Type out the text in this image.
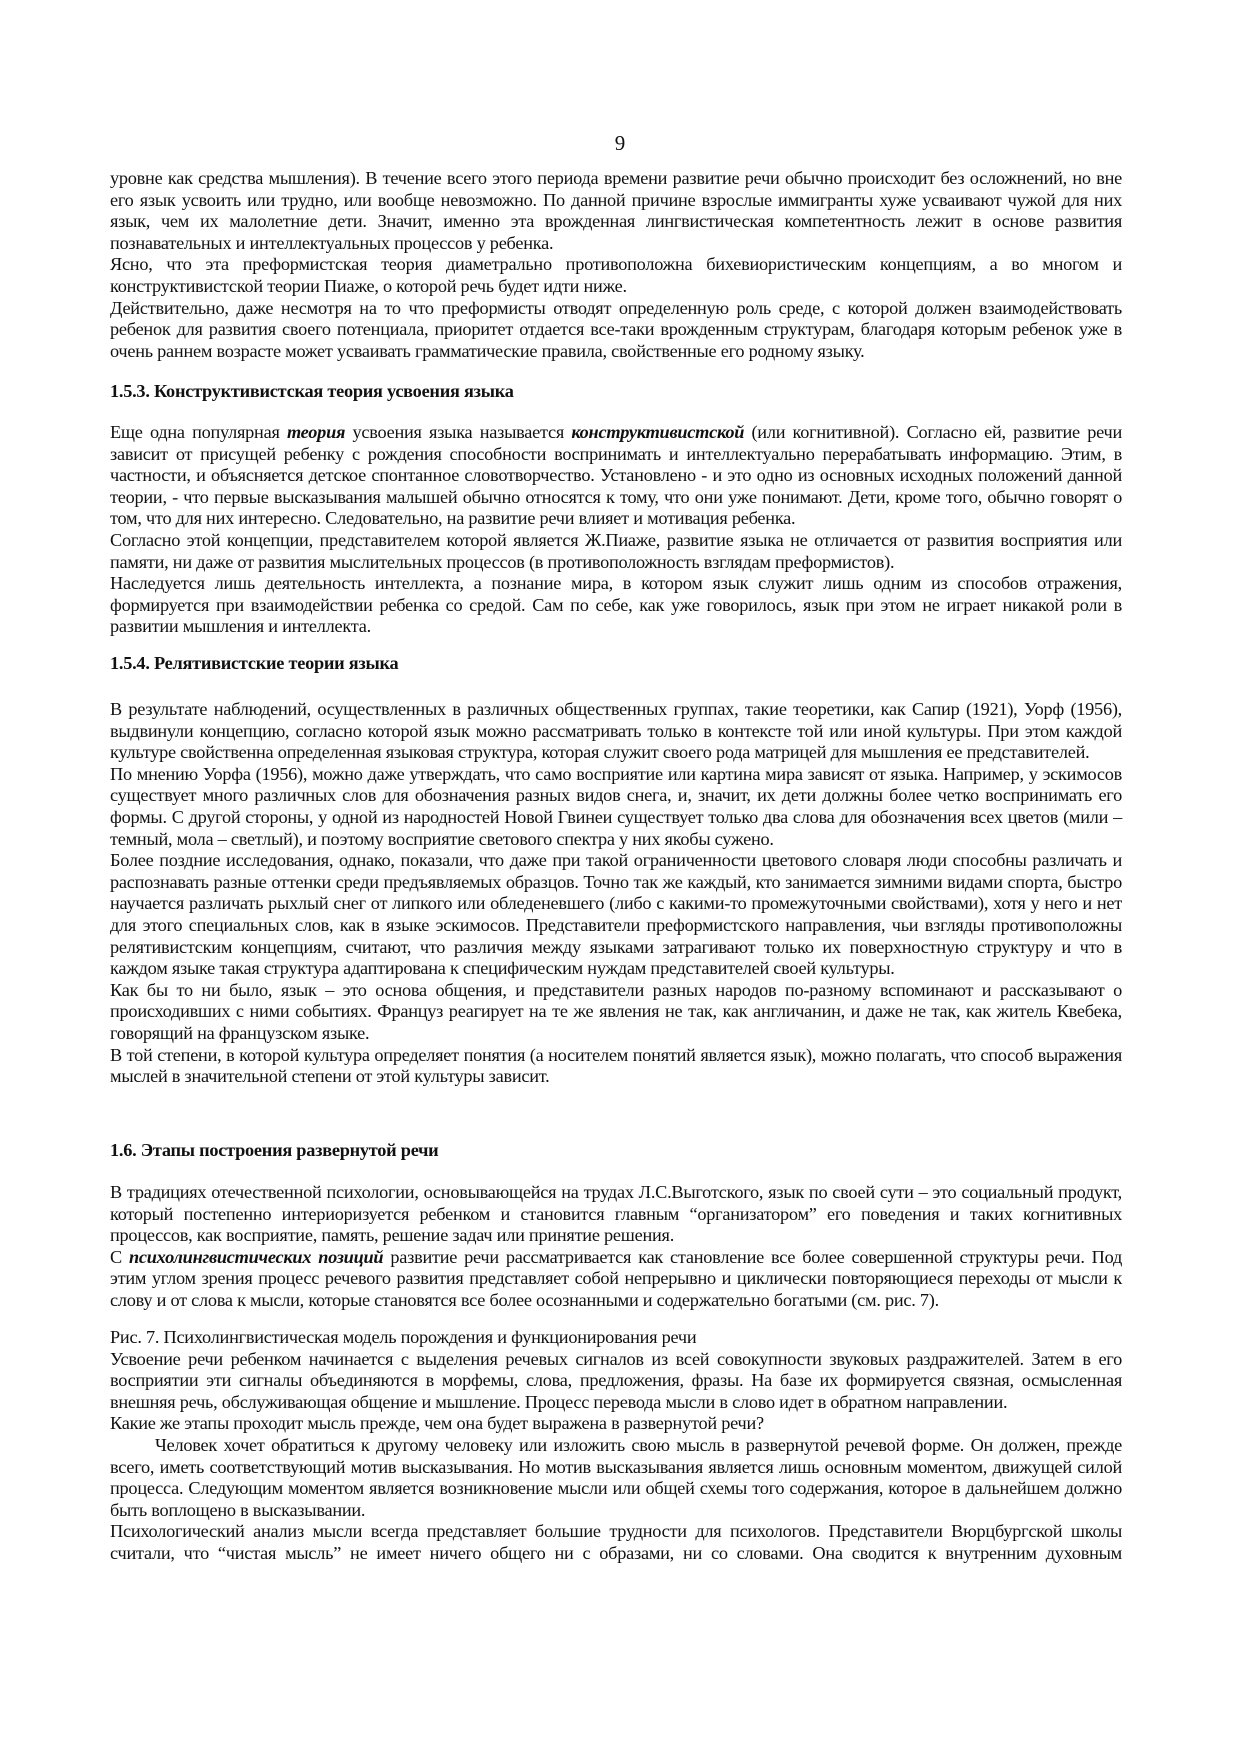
9

уровне как средства мышления). В течение всего этого периода времени развитие речи обычно происходит без осложнений, но вне его язык усвоить или трудно, или вообще невозможно. По данной причине взрослые иммигранты хуже усваивают чужой для них язык, чем их малолетние дети. Значит, именно эта врожденная лингвистическая компетентность лежит в основе развития познавательных и интеллектуальных процессов у ребенка.

Ясно, что эта преформистская теория диаметрально противоположна бихевиористическим концепциям, а во многом и конструктивистской теории Пиаже, о которой речь будет идти ниже.

Действительно, даже несмотря на то что преформисты отводят определенную роль среде, с которой должен взаимодействовать ребенок для развития своего потенциала, приоритет отдается все-таки врожденным структурам, благодаря которым ребенок уже в очень раннем возрасте может усваивать грамматические правила, свойственные его родному языку.

1.5.3. Конструктивистская теория усвоения языка

Еще одна популярная теория усвоения языка называется конструктивистской (или когнитивной). Согласно ей, развитие речи зависит от присущей ребенку с рождения способности воспринимать и интеллектуально перерабатывать информацию. Этим, в частности, и объясняется детское спонтанное словотворчество. Установлено - и это одно из основных исходных положений данной теории, - что первые высказывания малышей обычно относятся к тому, что они уже понимают. Дети, кроме того, обычно говорят о том, что для них интересно. Следовательно, на развитие речи влияет и мотивация ребенка.

Согласно этой концепции, представителем которой является Ж.Пиаже, развитие языка не отличается от развития восприятия или памяти, ни даже от развития мыслительных процессов (в противоположность взглядам преформистов).

Наследуется лишь деятельность интеллекта, а познание мира, в котором язык служит лишь одним из способов отражения, формируется при взаимодействии ребенка со средой. Сам по себе, как уже говорилось, язык при этом не играет никакой роли в развитии мышления и интеллекта.

1.5.4. Релятивистские теории языка

В результате наблюдений, осуществленных в различных общественных группах, такие теоретики, как Сапир (1921), Уорф (1956), выдвинули концепцию, согласно которой язык можно рассматривать только в контексте той или иной культуры. При этом каждой культуре свойственна определенная языковая структура, которая служит своего рода матрицей для мышления ее представителей.

По мнению Уорфа (1956), можно даже утверждать, что само восприятие или картина мира зависят от языка. Например, у эскимосов существует много различных слов для обозначения разных видов снега, и, значит, их дети должны более четко воспринимать его формы. С другой стороны, у одной из народностей Новой Гвинеи существует только два слова для обозначения всех цветов (мили – темный, мола – светлый), и поэтому восприятие светового спектра у них якобы сужено.

Более поздние исследования, однако, показали, что даже при такой ограниченности цветового словаря люди способны различать и распознавать разные оттенки среди предъявляемых образцов. Точно так же каждый, кто занимается зимними видами спорта, быстро научается различать рыхлый снег от липкого или обледеневшего (либо с какими-то промежуточными свойствами), хотя у него и нет для этого специальных слов, как в языке эскимосов. Представители преформистского направления, чьи взгляды противоположны релятивистским концепциям, считают, что различия между языками затрагивают только их поверхностную структуру и что в каждом языке такая структура адаптирована к специфическим нуждам представителей своей культуры.

Как бы то ни было, язык – это основа общения, и представители разных народов по-разному вспоминают и рассказывают о происходивших с ними событиях. Француз реагирует на те же явления не так, как англичанин, и даже не так, как житель Квебека, говорящий на французском языке.

В той степени, в которой культура определяет понятия (а носителем понятий является язык), можно полагать, что способ выражения мыслей в значительной степени от этой культуры зависит.

1.6. Этапы построения развернутой речи

В традициях отечественной психологии, основывающейся на трудах Л.С.Выготского, язык по своей сути – это социальный продукт, который постепенно интериоризуется ребенком и становится главным “организатором” его поведения и таких когнитивных процессов, как восприятие, память, решение задач или принятие решения.

С психолингвистических позиций развитие речи рассматривается как становление все более совершенной структуры речи. Под этим углом зрения процесс речевого развития представляет собой непрерывно и циклически повторяющиеся переходы от мысли к слову и от слова к мысли, которые становятся все более осознанными и содержательно богатыми (см. рис. 7).

Рис. 7. Психолингвистическая модель порождения и функционирования речи

Усвоение речи ребенком начинается с выделения речевых сигналов из всей совокупности звуковых раздражителей. Затем в его восприятии эти сигналы объединяются в морфемы, слова, предложения, фразы. На базе их формируется связная, осмысленная внешняя речь, обслуживающая общение и мышление. Процесс перевода мысли в слово идет в обратном направлении.

Какие же этапы проходит мысль прежде, чем она будет выражена в развернутой речи?

Человек хочет обратиться к другому человеку или изложить свою мысль в развернутой речевой форме. Он должен, прежде всего, иметь соответствующий мотив высказывания. Но мотив высказывания является лишь основным моментом, движущей силой процесса. Следующим моментом является возникновение мысли или общей схемы того содержания, которое в дальнейшем должно быть воплощено в высказывании.

Психологический анализ мысли всегда представляет большие трудности для психологов. Представители Вюрцбургской школы считали, что “чистая мысль” не имеет ничего общего ни с образами, ни со словами. Она сводится к внутренним духовным
